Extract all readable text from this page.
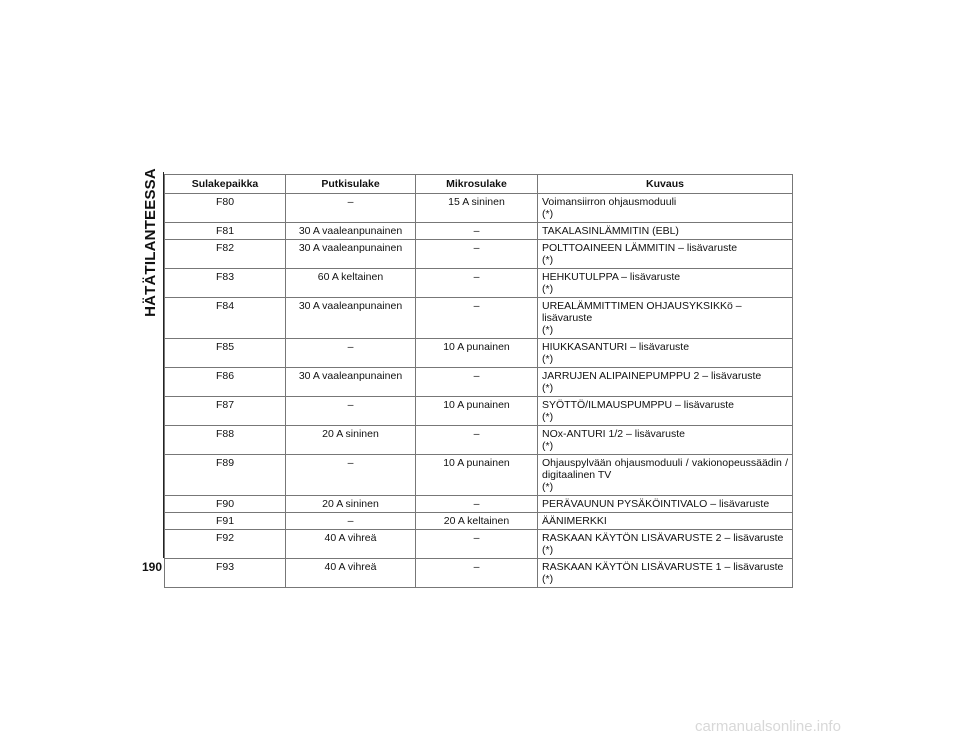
HÄTÄTILANTEESSA
190
Sulakepaikka	Putkisulake	Mikrosulake	Kuvaus
F80	–	15 A sininen	Voimansiirron ohjausmoduuli
(*)

F81	30 A vaaleanpunainen	–	TAKALASINLÄMMITIN (EBL)
F82	30 A vaaleanpunainen	–	POLTTOAINEEN LÄMMITIN – lisävaruste
(*)

F83	60 A keltainen	–	HEHKUTULPPA – lisävaruste
(*)

F84	30 A vaaleanpunainen	–	UREALÄMMITTIMEN OHJAUSYKSIKKö – lisävaruste
(*)

F85	–	10 A punainen	HIUKKASANTURI – lisävaruste
(*)

F86	30 A vaaleanpunainen	–	JARRUJEN ALIPAINEPUMPPU 2 – lisävaruste
(*)

F87	–	10 A punainen	SYÖTTÖ/ILMAUSPUMPPU – lisävaruste
(*)

F88	20 A sininen	–	NOx-ANTURI 1/2 – lisävaruste
(*)

F89	–	10 A punainen	Ohjauspylvään ohjausmoduuli / vakionopeussäädin / digitaalinen TV
(*)

F90	20 A sininen	–	PERÄVAUNUN PYSÄKÖINTIVALO – lisävaruste
F91	–	20 A keltainen	ÄÄNIMERKKI
F92	40 A vihreä	–	RASKAAN KÄYTÖN LISÄVARUSTE 2 – lisävaruste
(*)

F93	40 A vihreä	–	RASKAAN KÄYTÖN LISÄVARUSTE 1 – lisävaruste
(*)
carmanualsonline.info
